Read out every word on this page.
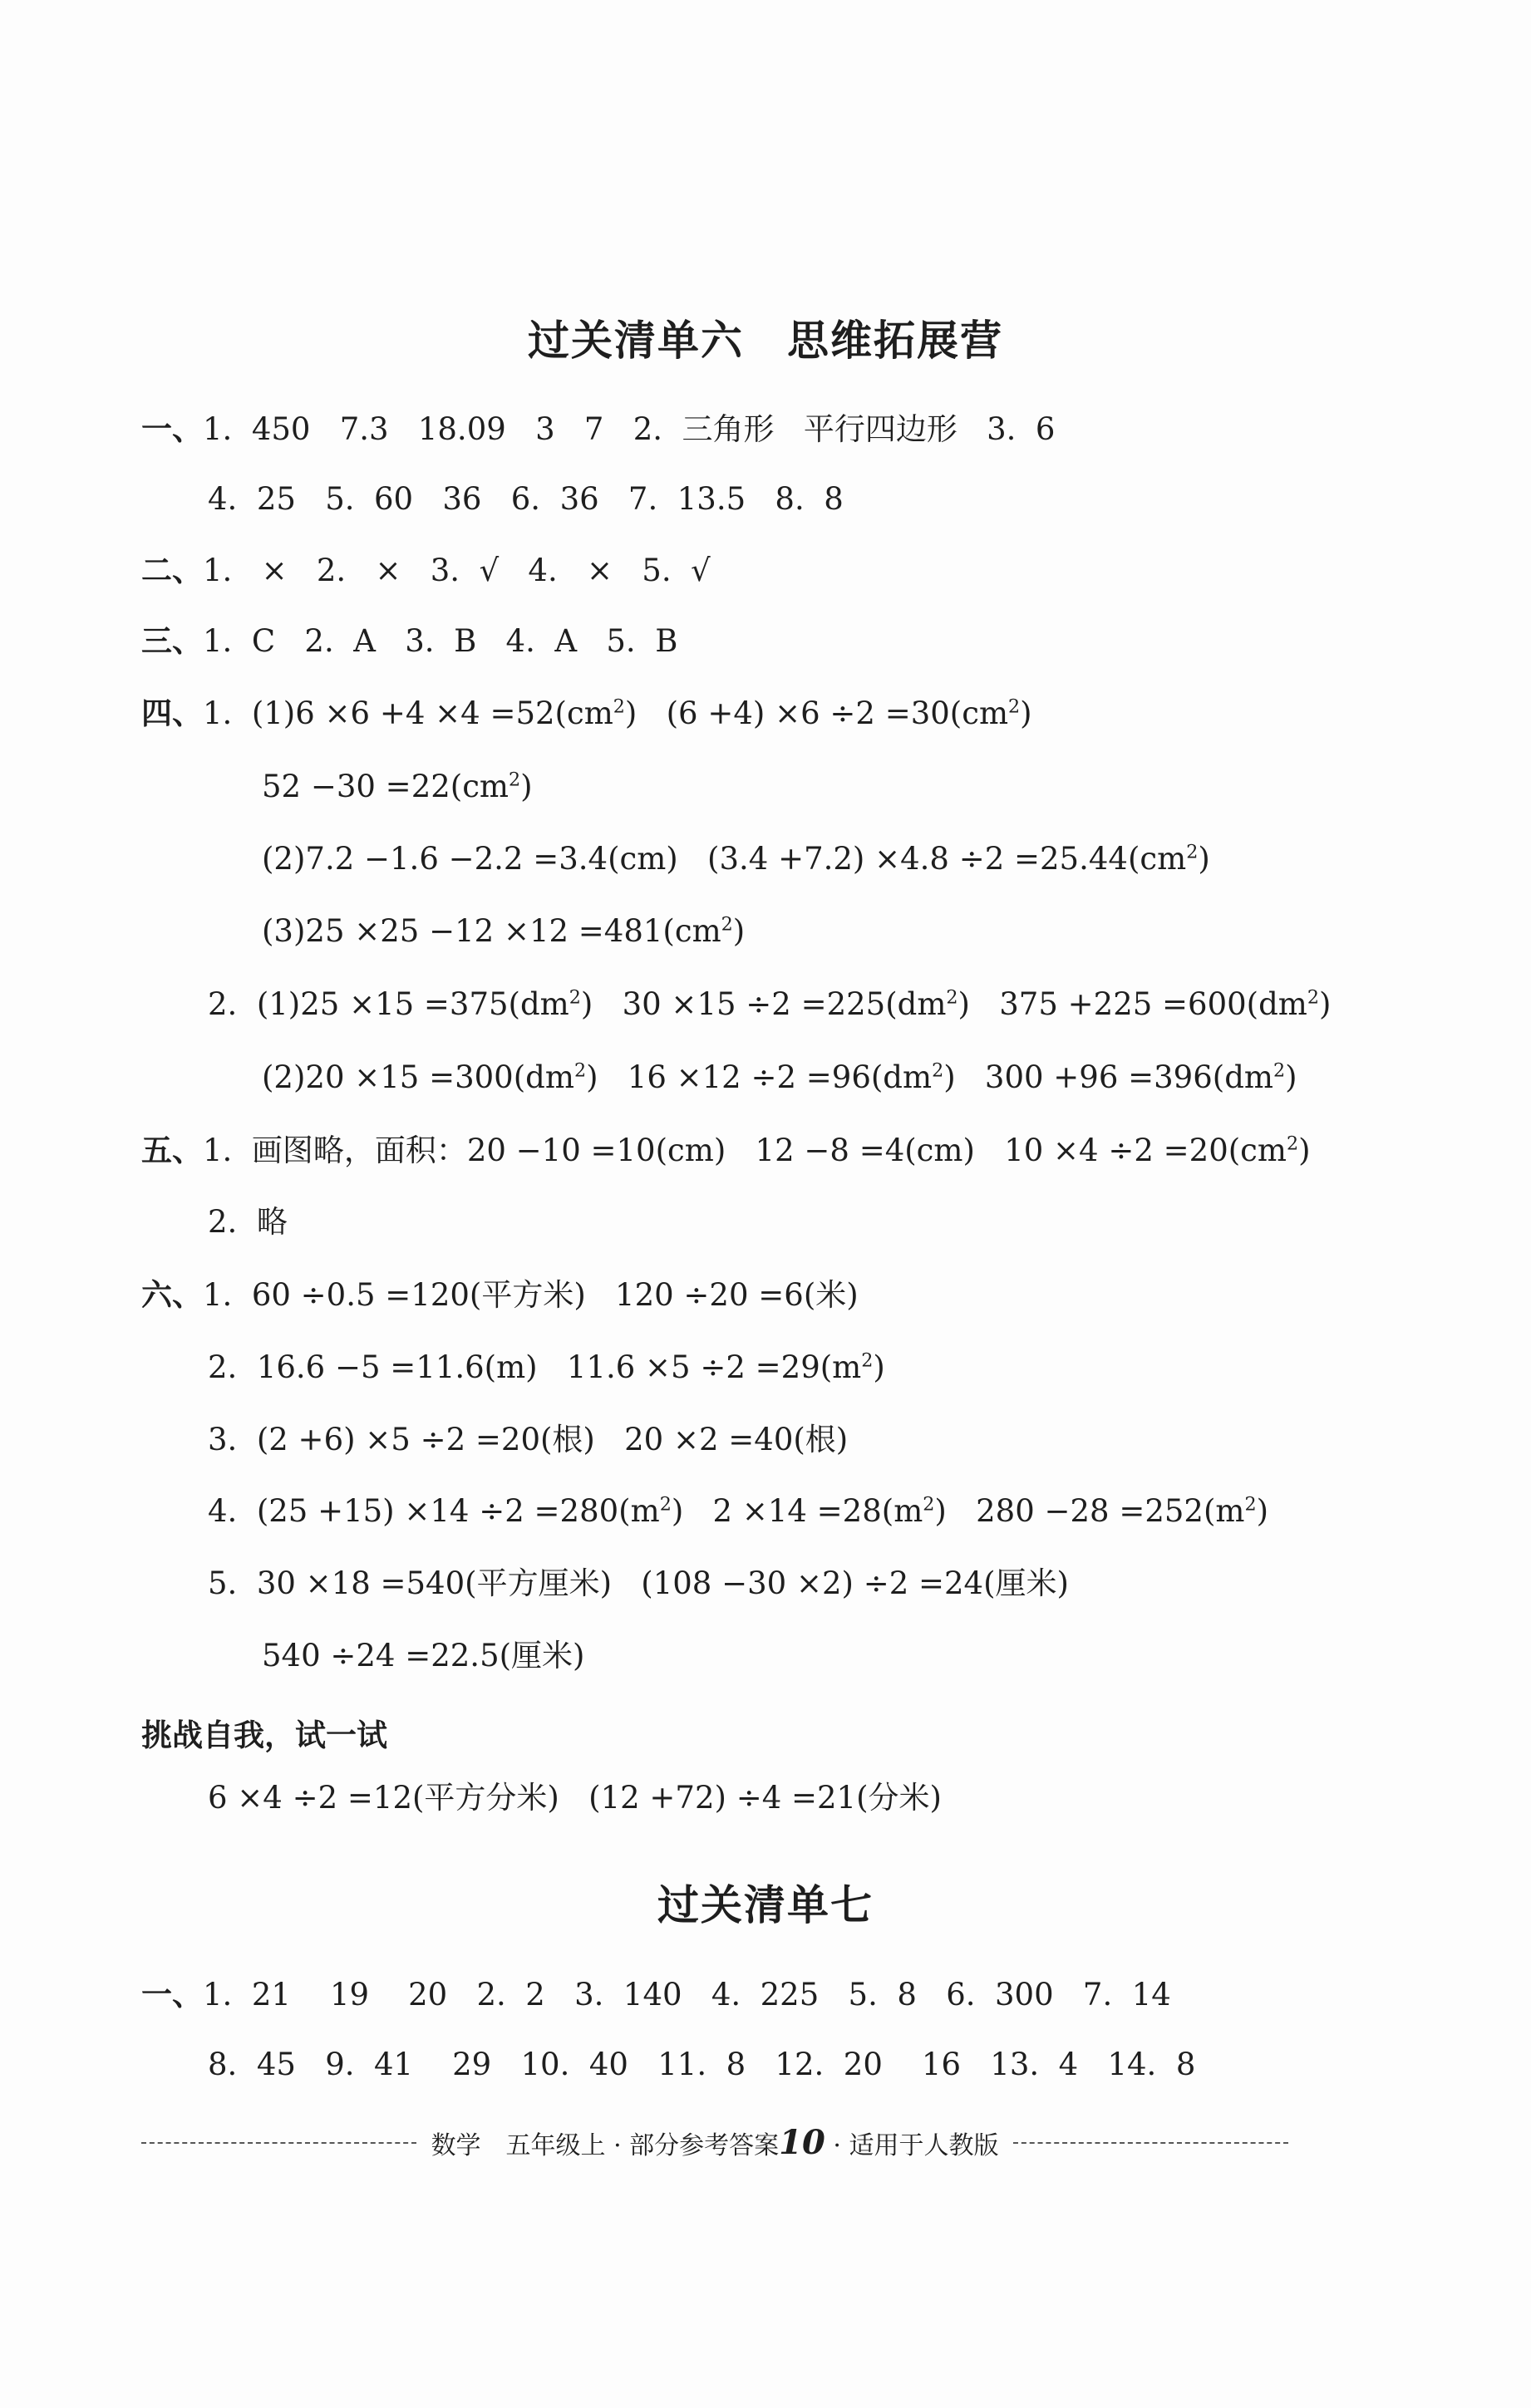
过关清单六　思维拓展营
一、1.  450   7.3   18.09   3   7   2.  三角形   平行四边形   3.  6
4.  25   5.  60   36   6.  36   7.  13.5   8.  8
二、1.   ×   2.   ×   3.  √   4.   ×   5.  √
三、1.  C   2.  A   3.  B   4.  A   5.  B
四、1.  $(1)6 \times 6 +4 \times 4 =52(cm^2)$   $(6 +4) \times 6 \div 2 =30(cm^2)$
$52 -30 =22(cm^2)$
(2)7.2 −1.6 −2.2 =3.4(cm)   $(3.4 +7.2) \times 4.8 \div 2 =25.44(cm^2)$
$(3)25 \times 25 -12 \times 12 =481(cm^2)$
2.  $(1)25 \times 15 =375(dm^2)$   $30 \times 15 \div 2 =225(dm^2)$   $375 +225 =600(dm^2)$
$(2)20 \times 15 =300(dm^2)$   $16 \times 12 \div 2 =96(dm^2)$   $300 +96 =396(dm^2)$
五、1.  画图略，面积：20 −10 =10(cm)   12 −8 =4(cm)   $10 \times 4 \div 2 =20(cm^2)$
2.  略
六、1.  60 ÷0.5 =120(平方米)   120 ÷20 =6(米)
2.  16.6 −5 =11.6(m)   $11.6 \times 5 \div 2 =29(m^2)$
3.  (2 +6) ×5 ÷2 =20(根)   20 ×2 =40(根)
4.  $(25 +15) \times 14 \div 2 =280(m^2)$   $2 \times 14 =28(m^2)$   $280 -28 =252(m^2)$
5.  30 ×18 =540(平方厘米)   (108 −30 ×2) ÷2 =24(厘米)
540 ÷24 =22.5(厘米)
挑战自我，试一试
6 ×4 ÷2 =12(平方分米)   (12 +72) ÷4 =21(分米)
过关清单七
一、1.  21    19    20   2.  2   3.  140   4.  225   5.  8   6.  300   7.  14
8.  45   9.  41    29   10.  40   11.  8   12.  20    16   13.  4   14.  8
数学　五年级上 · 部分参考答案10 · 适用于人教版
